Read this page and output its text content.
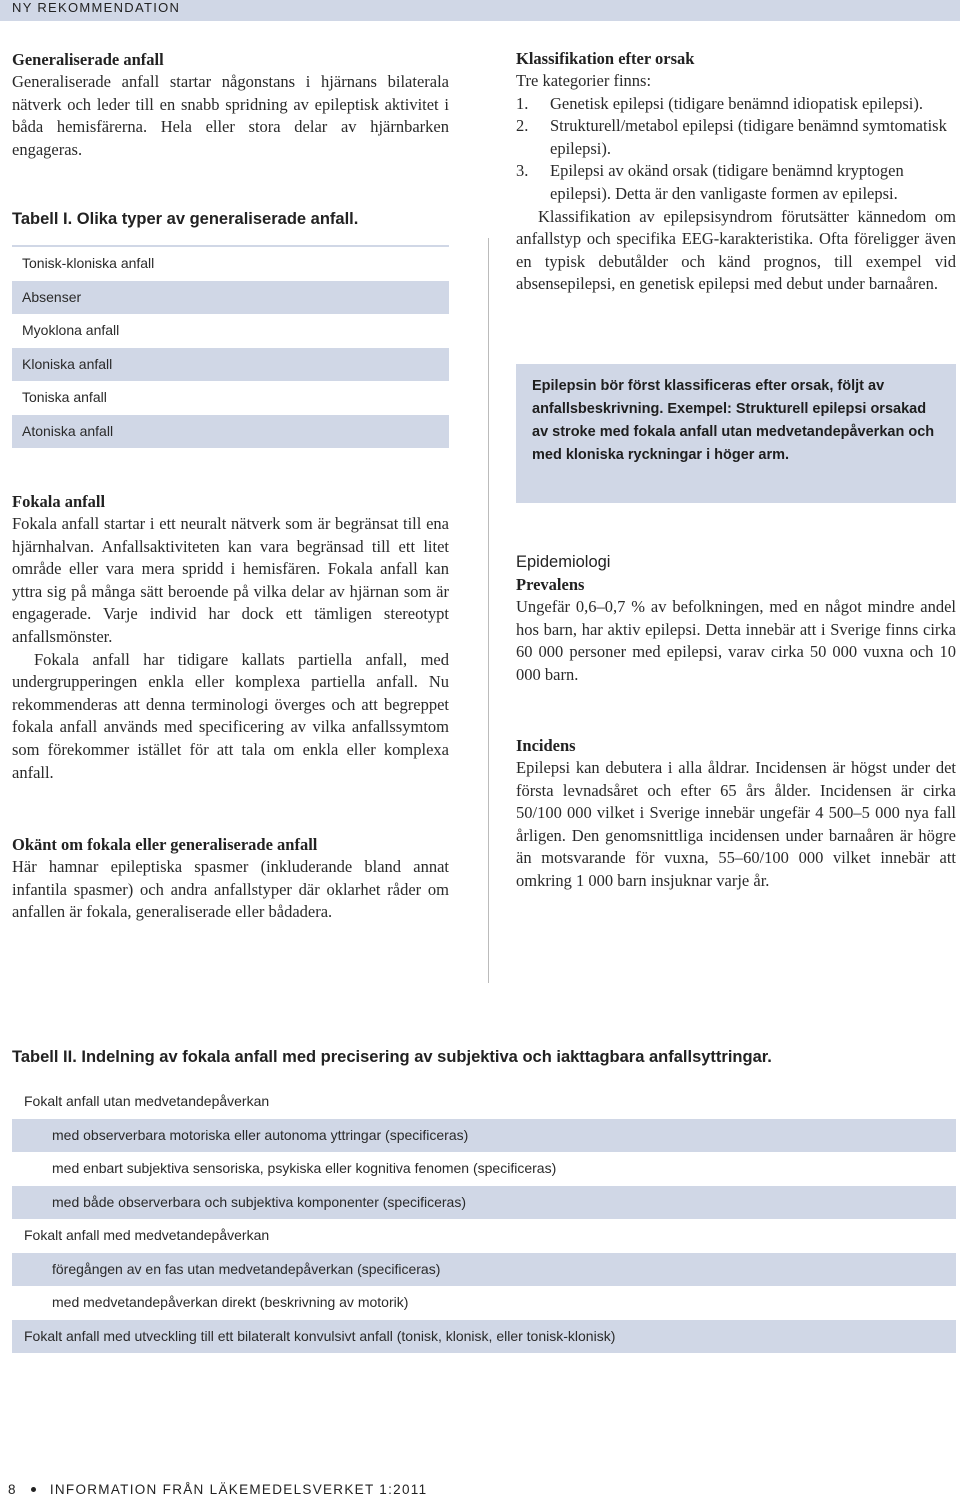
NY REKOMMENDATION

Generaliserade anfall

Generaliserade anfall startar någonstans i hjärnans bilaterala nätverk och leder till en snabb spridning av epileptisk aktivitet i båda hemisfärerna. Hela eller stora delar av hjärnbarken engageras.

Tabell I. Olika typer av generaliserade anfall.
Tonisk-kloniska anfall
Absenser
Myoklona anfall
Kloniska anfall
Toniska anfall
Atoniska anfall

Fokala anfall

Fokala anfall startar i ett neuralt nätverk som är begränsat till ena hjärnhalvan. Anfallsaktiviteten kan vara begränsad till ett litet område eller vara mera spridd i hemisfären. Fokala anfall kan yttra sig på många sätt beroende på vilka delar av hjärnan som är engagerade. Varje individ har dock ett tämligen stereotypt anfallsmönster.

Fokala anfall har tidigare kallats partiella anfall, med undergrupperingen enkla eller komplexa partiella anfall. Nu rekommenderas att denna terminologi överges och att begreppet fokala anfall används med specificering av vilka anfallssymtom som förekommer istället för att tala om enkla eller komplexa anfall.

Okänt om fokala eller generaliserade anfall

Här hamnar epileptiska spasmer (inkluderande bland annat infantila spasmer) och andra anfallstyper där oklarhet råder om anfallen är fokala, generaliserade eller bådadera.

Klassifikation efter orsak

Tre kategorier finns:

1.	Genetisk epilepsi (tidigare benämnd idiopatisk epilepsi).
2.	Strukturell/metabol epilepsi (tidigare benämnd symtomatisk epilepsi).
3.	Epilepsi av okänd orsak (tidigare benämnd kryptogen epilepsi). Detta är den vanligaste formen av epilepsi.

Klassifikation av epilepsisyndrom förutsätter kännedom om anfallstyp och specifika EEG-karakteristika. Ofta föreligger även en typisk debutålder och känd prognos, till exempel vid absensepilepsi, en genetisk epilepsi med debut under barnaåren.

Epilepsin bör först klassificeras efter orsak, följt av anfallsbeskrivning. Exempel: Strukturell epilepsi orsakad av stroke med fokala anfall utan medvetandepåverkan och med kloniska ryckningar i höger arm.
Epidemiologi

Prevalens

Ungefär 0,6–0,7 % av befolkningen, med en något mindre andel hos barn, har aktiv epilepsi. Detta innebär att i Sverige finns cirka 60 000 personer med epilepsi, varav cirka 50 000 vuxna och 10 000 barn.

Incidens

Epilepsi kan debutera i alla åldrar. Incidensen är högst under det första levnadsåret och efter 65 års ålder. Incidensen är cirka 50/100 000 vilket i Sverige innebär ungefär 4 500–5 000 nya fall årligen. Den genomsnittliga incidensen under barnaåren är högre än motsvarande för vuxna, 55–60/100 000 vilket innebär att omkring 1 000 barn insjuknar varje år.

Tabell II. Indelning av fokala anfall med precisering av subjektiva och iakttagbara anfallsyttringar.
Fokalt anfall utan medvetandepåverkan
med observerbara motoriska eller autonoma yttringar (specificeras)
med enbart subjektiva sensoriska, psykiska eller kognitiva fenomen (specificeras)
med både observerbara och subjektiva komponenter (specificeras)
Fokalt anfall med medvetandepåverkan
föregången av en fas utan medvetandepåverkan (specificeras)
med medvetandepåverkan direkt (beskrivning av motorik)
Fokalt anfall med utveckling till ett bilateralt konvulsivt anfall (tonisk, klonisk, eller tonisk-klonisk)
8 INFORMATION FRÅN LÄKEMEDELSVERKET 1:2011
